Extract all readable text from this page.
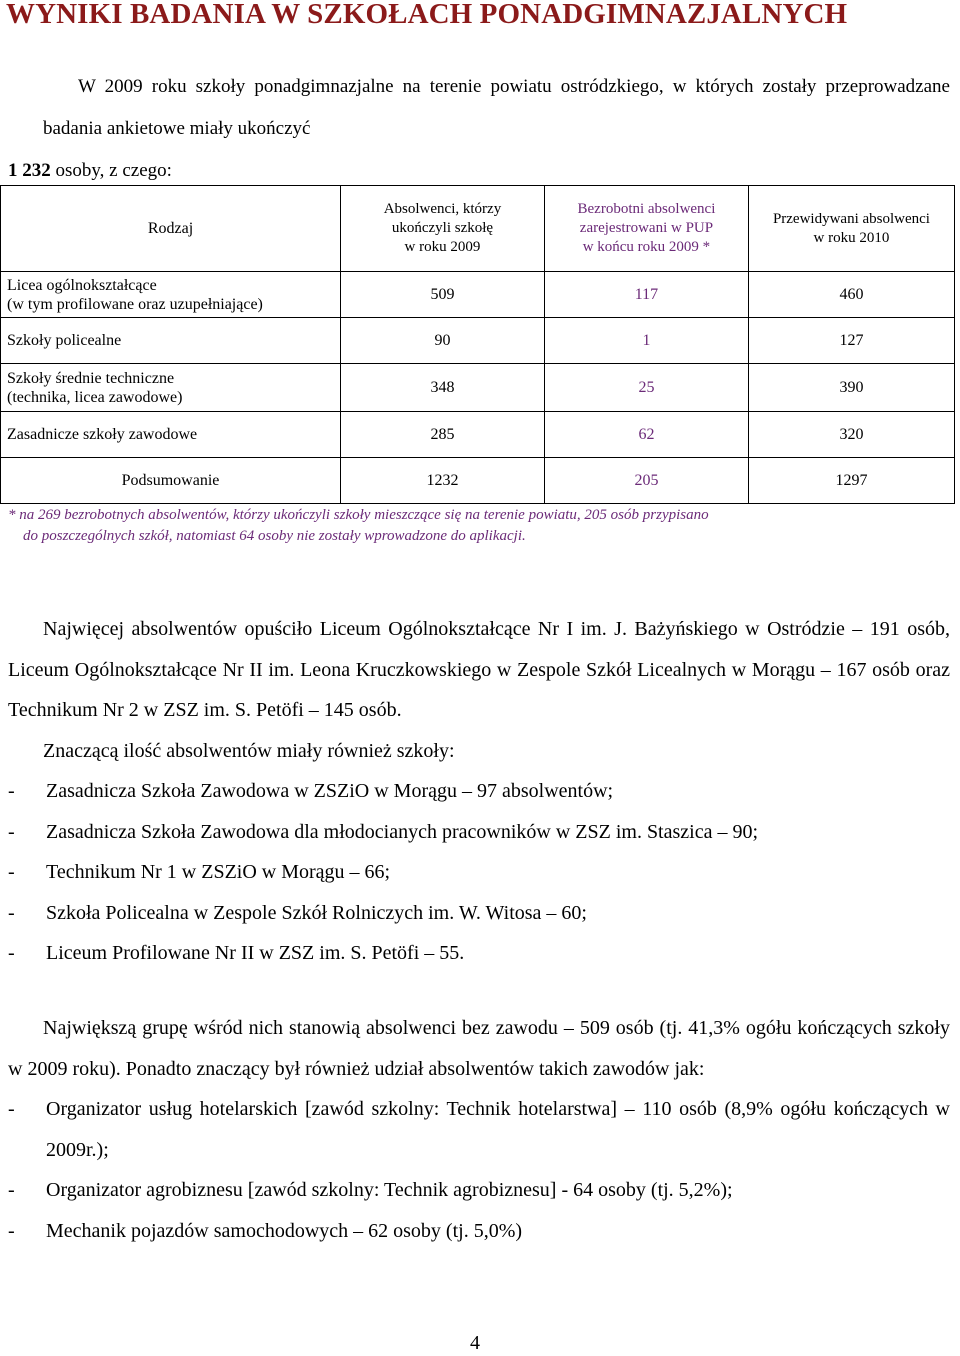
WYNIKI BADANIA W SZKOŁACH PONADGIMNAZJALNYCH

W 2009 roku szkoły ponadgimnazjalne na terenie powiatu ostródzkiego, w których zostały przeprowadzane badania ankietowe miały ukończyć
1 232 osoby, z czego:

Rodzaj	Absolwenci, którzy
ukończyli szkołę
w roku 2009	Bezrobotni absolwenci
zarejestrowani w PUP
w końcu roku 2009 *	Przewidywani absolwenci
w roku 2010
Licea ogólnokształcące
(w tym profilowane oraz uzupełniające)	509	117	460
Szkoły policealne	90	1	127
Szkoły średnie techniczne
(technika, licea zawodowe)	348	25	390
Zasadnicze szkoły zawodowe	285	62	320
Podsumowanie	1232	205	1297

* na 269 bezrobotnych absolwentów, którzy ukończyli szkoły mieszczące się na terenie powiatu, 205 osób przypisano
do poszczególnych szkół, natomiast 64 osoby nie zostały wprowadzone do aplikacji.

Najwięcej absolwentów opuściło Liceum Ogólnokształcące Nr I im. J. Bażyńskiego w Ostródzie – 191 osób, Liceum Ogólnokształcące Nr II im. Leona Kruczkowskiego w Zespole Szkół Licealnych w Morągu – 167 osób oraz Technikum Nr 2 w ZSZ im. S. Petöfi – 145 osób.
Znaczącą ilość absolwentów miały również szkoły:
- Zasadnicza Szkoła Zawodowa w ZSZiO w Morągu – 97 absolwentów;
- Zasadnicza Szkoła Zawodowa dla młodocianych pracowników w ZSZ im. Staszica – 90;
- Technikum Nr 1 w ZSZiO w Morągu – 66;
- Szkoła Policealna w Zespole Szkół Rolniczych im. W. Witosa – 60;
- Liceum Profilowane Nr II w ZSZ im. S. Petöfi – 55.
Największą grupę wśród nich stanowią absolwenci bez zawodu – 509 osób (tj. 41,3% ogółu kończących szkoły w 2009 roku). Ponadto znaczący był również udział absolwentów takich zawodów jak:
- Organizator usług hotelarskich [zawód szkolny: Technik hotelarstwa] – 110 osób (8,9% ogółu kończących w 2009r.);
- Organizator agrobiznesu [zawód szkolny: Technik agrobiznesu] - 64 osoby (tj. 5,2%);
- Mechanik pojazdów samochodowych – 62 osoby (tj. 5,0%)

4
